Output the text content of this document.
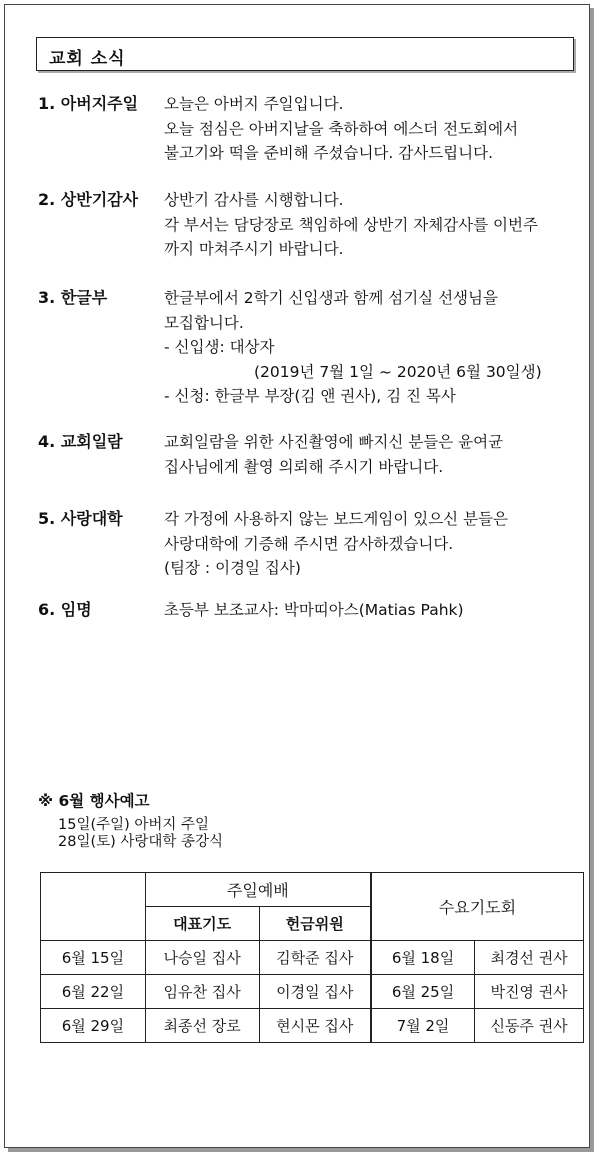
교회 소식
1. 아버지주일	오늘은 아버지 주일입니다.
오늘 점심은 아버지날을 축하하여 에스더 전도회에서
불고기와 떡을 준비해 주셨습니다. 감사드립니다.
2. 상반기감사	상반기 감사를 시행합니다.
각 부서는 담당장로 책임하에 상반기 자체감사를 이번주
까지 마쳐주시기 바랍니다.
3. 한글부	한글부에서 2학기 신입생과 함께 섬기실 선생님을
모집합니다.
- 신입생: 대상자
(2019년 7월 1일 ~ 2020년 6월 30일생)
- 신청: 한글부 부장(김 앤 권사), 김 진 목사
4. 교회일람	교회일람을 위한 사진촬영에 빠지신 분들은 윤여균
집사님에게 촬영 의뢰해 주시기 바랍니다.
5. 사랑대학	각 가정에 사용하지 않는 보드게임이 있으신 분들은
사랑대학에 기증해 주시면 감사하겠습니다.
(팀장 : 이경일 집사)
6. 임명	초등부 보조교사: 박마띠아스(Matias Pahk)
※ 6월 행사예고
15일(주일) 아버지 주일
28일(토) 사랑대학 종강식
	주일예배		수요기도회	
	대표기도	헌금위원		
6월 15일	나승일 집사	김학준 집사	6월 18일	최경선 권사
6월 22일	임유찬 집사	이경일 집사	6월 25일	박진영 권사
6월 29일	최종선 장로	현시몬 집사	7월 2일	신동주 권사
